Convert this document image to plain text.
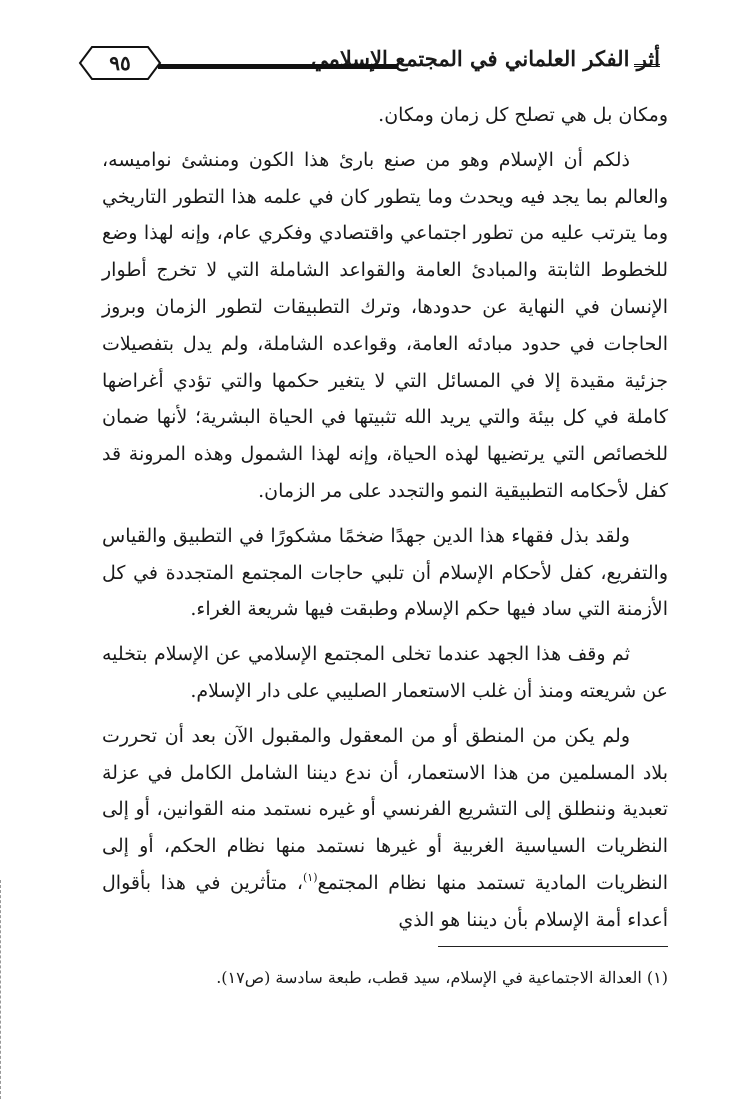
أثر الفكر العلماني في المجتمع الإسلامي
٩٥

ومكان بل هي تصلح كل زمان ومكان.

ذلكم أن الإسلام وهو من صنع بارئ هذا الكون ومنشئ نواميسه، والعالم بما يجد فيه ويحدث وما يتطور كان في علمه هذا التطور التاريخي وما يترتب عليه من تطور اجتماعي واقتصادي وفكري عام، وإنه لهذا وضع للخطوط الثابتة والمبادئ العامة والقواعد الشاملة التي لا تخرج أطوار الإنسان في النهاية عن حدودها، وترك التطبيقات لتطور الزمان وبروز الحاجات في حدود مبادئه العامة، وقواعده الشاملة، ولم يدل بتفصيلات جزئية مقيدة إلا في المسائل التي لا يتغير حكمها والتي تؤدي أغراضها كاملة في كل بيئة والتي يريد الله تثبيتها في الحياة البشرية؛ لأنها ضمان للخصائص التي يرتضيها لهذه الحياة، وإنه لهذا الشمول وهذه المرونة قد كفل لأحكامه التطبيقية النمو والتجدد على مر الزمان.

ولقد بذل فقهاء هذا الدين جهدًا ضخمًا مشكورًا في التطبيق والقياس والتفريع، كفل لأحكام الإسلام أن تلبي حاجات المجتمع المتجددة في كل الأزمنة التي ساد فيها حكم الإسلام وطبقت فيها شريعة الغراء.

ثم وقف هذا الجهد عندما تخلى المجتمع الإسلامي عن الإسلام بتخليه عن شريعته ومنذ أن غلب الاستعمار الصليبي على دار الإسلام.

ولم يكن من المنطق أو من المعقول والمقبول الآن بعد أن تحررت بلاد المسلمين من هذا الاستعمار، أن ندع ديننا الشامل الكامل في عزلة تعبدية وننطلق إلى التشريع الفرنسي أو غيره نستمد منه القوانين، أو إلى النظريات السياسية الغربية أو غيرها نستمد منها نظام الحكم، أو إلى النظريات المادية تستمد منها نظام المجتمع$^{(١)}$، متأثرين في هذا بأقوال أعداء أمة الإسلام بأن ديننا هو الذي

(١) العدالة الاجتماعية في الإسلام، سيد قطب، طبعة سادسة (ص١٧).
